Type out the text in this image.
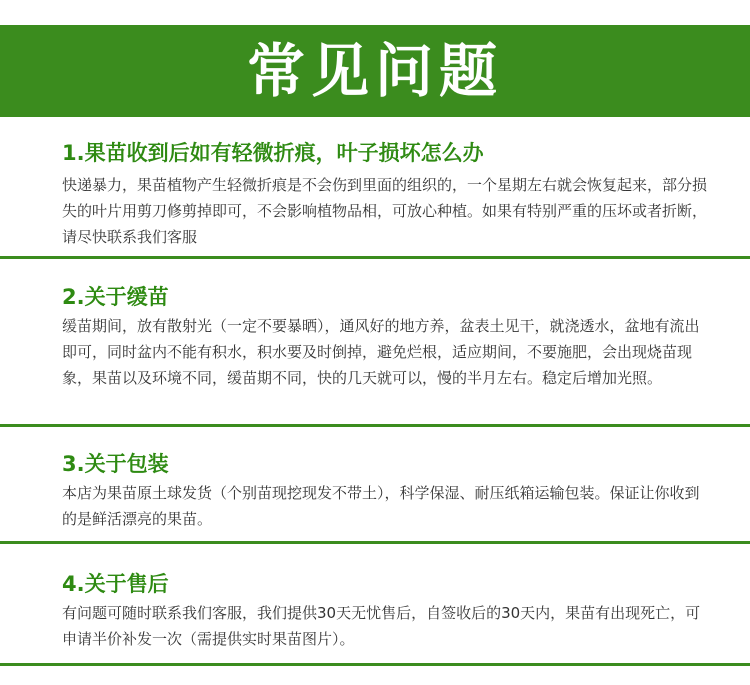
常见问题
1.果苗收到后如有轻微折痕，叶子损坏怎么办
快递暴力，果苗植物产生轻微折痕是不会伤到里面的组织的，一个星期左右就会恢复起来，部分损失的叶片用剪刀修剪掉即可，不会影响植物品相，可放心种植。如果有特别严重的压坏或者折断，请尽快联系我们客服
2.关于缓苗
缓苗期间，放有散射光（一定不要暴晒），通风好的地方养，盆表土见干，就浇透水，盆地有流出即可，同时盆内不能有积水，积水要及时倒掉，避免烂根，适应期间，不要施肥，会出现烧苗现象，果苗以及环境不同，缓苗期不同，快的几天就可以，慢的半月左右。稳定后增加光照。
3.关于包装
本店为果苗原土球发货（个别苗现挖现发不带土），科学保湿、耐压纸箱运输包装。保证让你收到的是鲜活漂亮的果苗。
4.关于售后
有问题可随时联系我们客服，我们提供30天无忧售后，自签收后的30天内，果苗有出现死亡，可申请半价补发一次（需提供实时果苗图片）。
